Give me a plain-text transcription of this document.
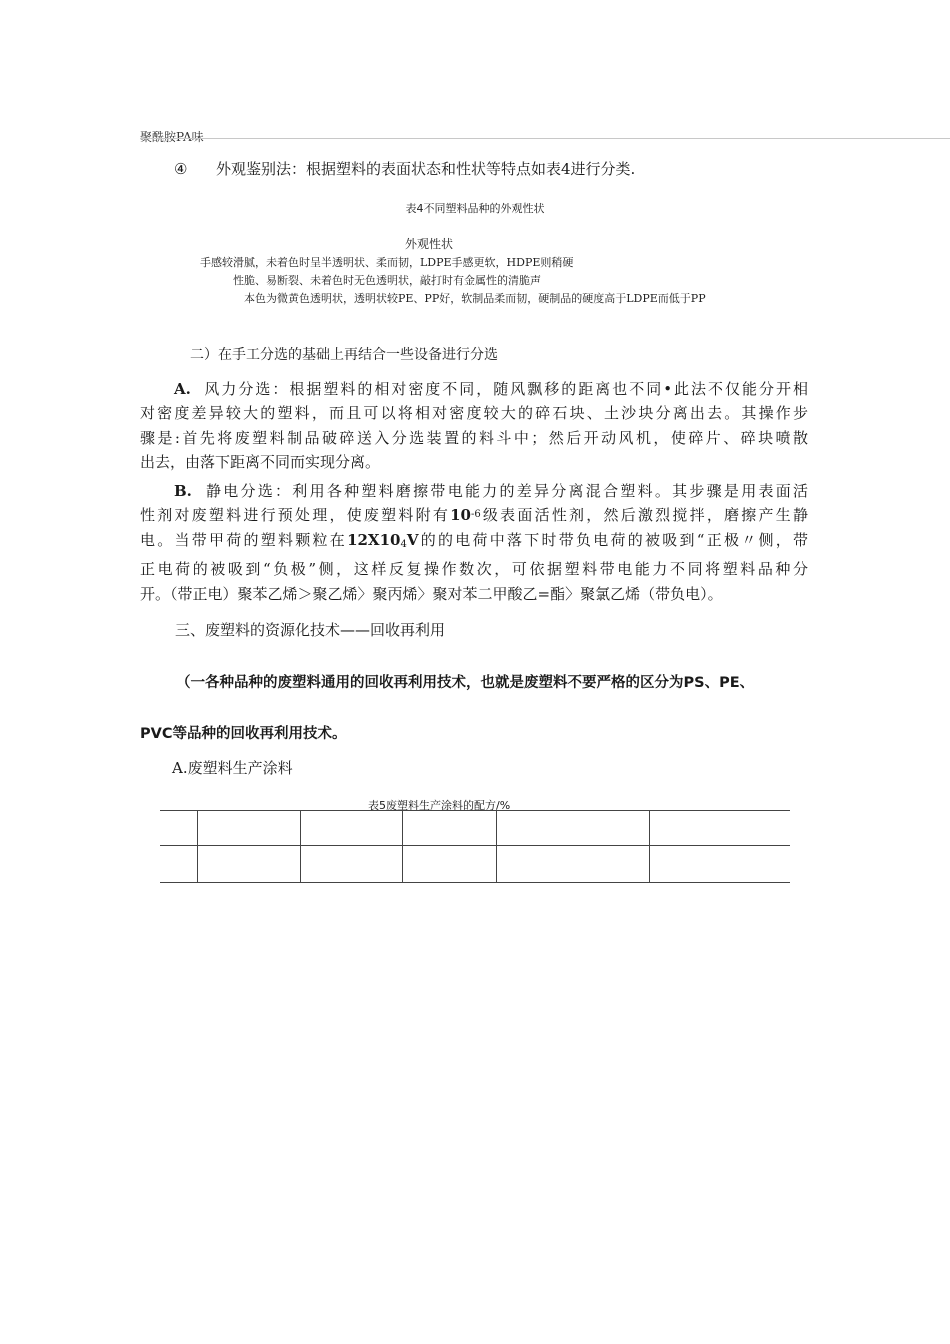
聚酰胺PA味
④ 外观鉴别法：根据塑料的表面状态和性状等特点如表4进行分类.
表4不同塑料品种的外观性状
外观性状
手感较滑腻，未着色时呈半透明状、柔而韧，LDPE手感更软，HDPE则稍硬
性脆、易断裂、未着色时无色透明状，敲打时有金属性的清脆声
本色为微黄色透明状，透明状较PE、PP好，软制品柔而韧，硬制品的硬度高于LDPE而低于PP
二）在手工分选的基础上再结合一些设备进行分选
A. 风力分选：根据塑料的相对密度不同，随风飘移的距离也不同•此法不仅能分开相
对密度差异较大的塑料，而且可以将相对密度较大的碎石块、土沙块分离出去。其操作步
骤是:首先将废塑料制品破碎送入分选装置的料斗中；然后开动风机，使碎片、碎块喷散
出去，由落下距离不同而实现分离。
B. 静电分选：利用各种塑料磨擦带电能力的差异分离混合塑料。其步骤是用表面活
性剂对废塑料进行预处理，使废塑料附有$10^{-6}$级表面活性剂，然后激烈搅拌，磨擦产生静
电。当带甲荷的塑料颗粒在$12X10_4V$的的电荷中落下时带负电荷的被吸到“正极〃侧，带
正电荷的被吸到“负极”侧，这样反复操作数次，可依据塑料带电能力不同将塑料品种分
开。（带正电）聚苯乙烯＞聚乙烯〉聚丙烯〉聚对苯二甲酸乙=酯〉聚氯乙烯（带负电）。
三、废塑料的资源化技术——回收再利用
（一各种品种的废塑料通用的回收再利用技术，也就是废塑料不要严格的区分为PS、PE、
PVC等品种的回收再利用技术。
A.废塑料生产涂料
表5废塑料生产涂料的配方/%
